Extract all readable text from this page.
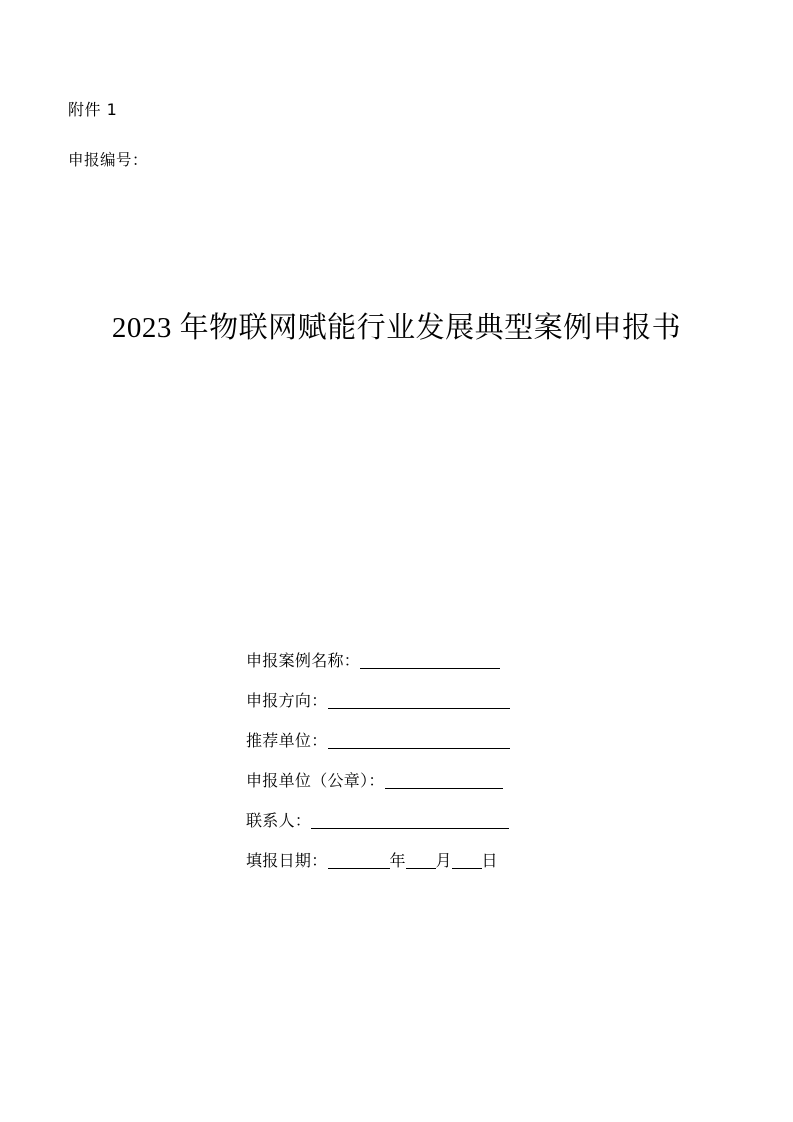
附件 1
申报编号：
2023 年物联网赋能行业发展典型案例申报书
申报案例名称：
申报方向：
推荐单位：
申报单位（公章）：
联系人：
填报日期：	年 月 日
